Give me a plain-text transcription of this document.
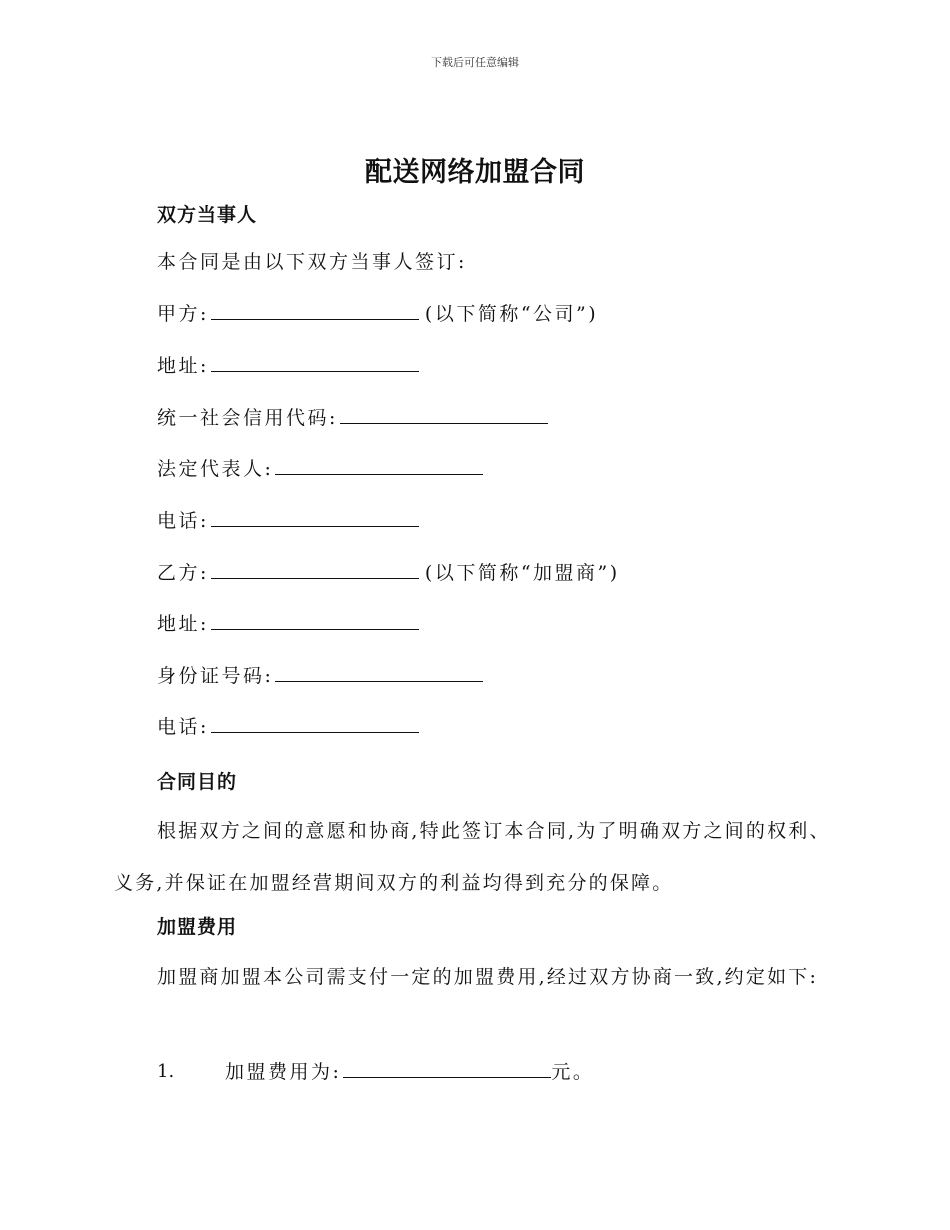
下载后可任意编辑
配送网络加盟合同
双方当事人
本合同是由以下双方当事人签订:
甲方:	(以下简称“公司”)
地址:
统一社会信用代码:
法定代表人:
电话:
乙方:	(以下简称“加盟商”)
地址:
身份证号码:
电话:
合同目的
根据双方之间的意愿和协商,特此签订本合同,为了明确双方之间的权利、义务,并保证在加盟经营期间双方的利益均得到充分的保障。
加盟费用
加盟商加盟本公司需支付一定的加盟费用,经过双方协商一致,约定如下:
1.	加盟费用为:	元。
